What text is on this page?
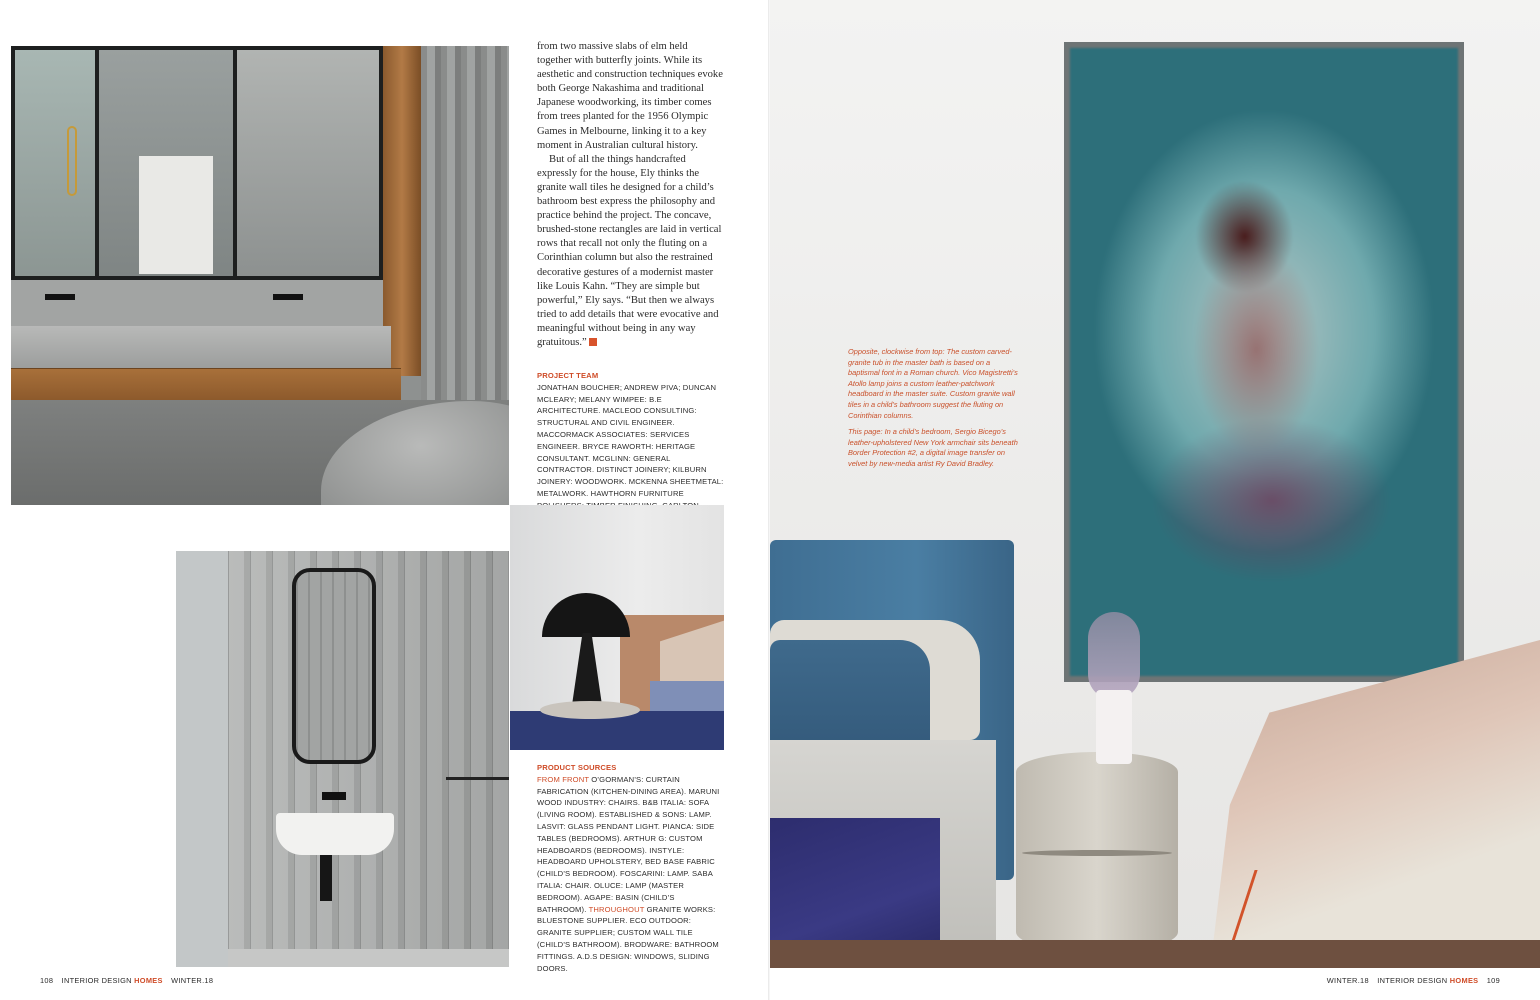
from two massive slabs of elm held together with butterfly joints. While its aesthetic and construction techniques evoke both George Nakashima and traditional Japanese woodworking, its timber comes from trees planted for the 1956 Olympic Games in Melbourne, linking it to a key moment in Australian cultural history.

But of all the things handcrafted expressly for the house, Ely thinks the granite wall tiles he designed for a child’s bathroom best express the philosophy and practice behind the project. The concave, brushed-stone rectangles are laid in vertical rows that recall not only the fluting on a Corinthian column but also the restrained decorative gestures of a modernist master like Louis Kahn. “They are simple but powerful,” Ely says. “But then we always tried to add details that were evocative and meaningful without being in any way gratuitous.”

PROJECT TEAM
JONATHAN BOUCHER; ANDREW PIVA; DUNCAN MCLEARY; MELANY WIMPEE: B.E ARCHITECTURE. MACLEOD CONSULTING: STRUCTURAL AND CIVIL ENGINEER. MACCORMACK ASSOCIATES: SERVICES ENGINEER. BRYCE RAWORTH: HERITAGE CONSULTANT. MCGLINN: GENERAL CONTRACTOR. DISTINCT JOINERY; KILBURN JOINERY: WOODWORK. MCKENNA SHEETMETAL: METALWORK. HAWTHORN FURNITURE
PRODUCT SOURCES
FROM FRONT O’GORMAN’S: CURTAIN FABRICATION (KITCHEN-DINING AREA). MARUNI WOOD INDUSTRY: CHAIRS. B&B ITALIA: SOFA (LIVING ROOM). ESTABLISHED & SONS: LAMP. LASVIT: GLASS PENDANT LIGHT. PIANCA: SIDE TABLES (BEDROOMS). ARTHUR G: CUSTOM HEADBOARDS (BEDROOMS). INSTYLE: HEADBOARD UPHOLSTERY, BED BASE FABRIC (CHILD’S BEDROOM). FOSCARINI: LAMP. SABA ITALIA: CHAIR. OLUCE: LAMP (MASTER BEDROOM). AGAPE: BASIN (CHILD’S BATHROOM). THROUGHOUT GRANITE WORKS: BLUESTONE SUPPLIER. ECO OUTDOOR: GRANITE SUPPLIER; CUSTOM WALL TILE (CHILD’S BATHROOM). BRODWARE: BATHROOM FITTINGS. A.D.S DESIGN: WINDOWS, SLIDING DOORS.
108 INTERIOR DESIGN HOMES WINTER.18	WINTER.18 INTERIOR DESIGN HOMES 109

Opposite, clockwise from top: The custom carved-granite tub in the master bath is based on a baptismal font in a Roman church. Vico Magistretti’s Atollo lamp joins a custom leather-patchwork headboard in the master suite. Custom granite wall tiles in a child’s bathroom suggest the fluting on Corinthian columns.

This page: In a child’s bedroom, Sergio Bicego’s leather-upholstered New York armchair sits beneath Border Protection #2, a digital image transfer on velvet by new-media artist Ry David Bradley.
